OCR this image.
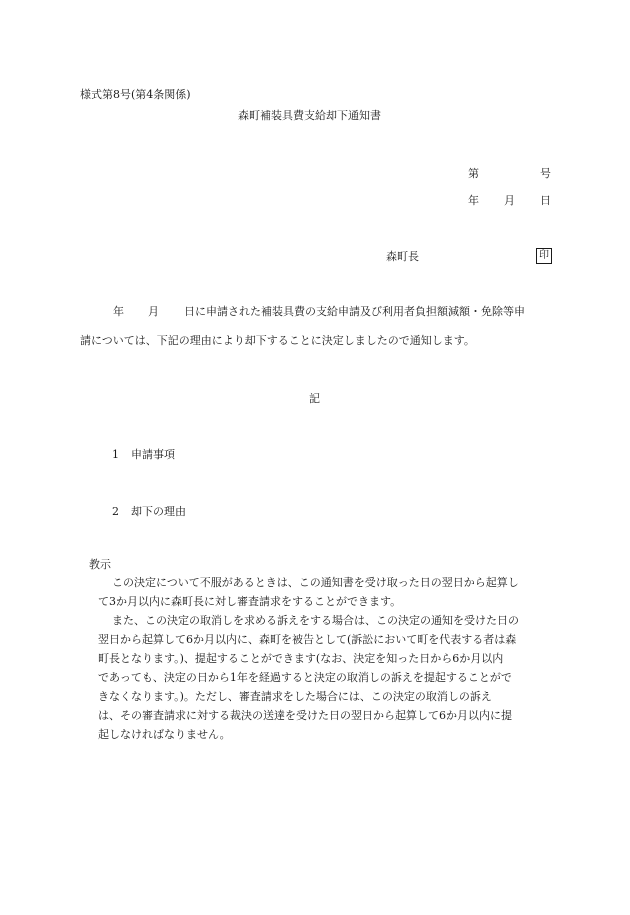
様式第8号(第4条関係)
森町補装具費支給却下通知書
第	号
年 月 日
森町長	印
年 月 日に申請された補装具費の支給申請及び利用者負担額減額・免除等申
請については、下記の理由により却下することに決定しましたので通知します。
記
1 申請事項
2 却下の理由
教示
この決定について不服があるときは、この通知書を受け取った日の翌日から起算し
て3か月以内に森町長に対し審査請求をすることができます。
また、この決定の取消しを求める訴えをする場合は、この決定の通知を受けた日の
翌日から起算して6か月以内に、森町を被告として(訴訟において町を代表する者は森
町長となります。)、提起することができます(なお、決定を知った日から6か月以内
であっても、決定の日から1年を経過すると決定の取消しの訴えを提起することがで
きなくなります。)。ただし、審査請求をした場合には、この決定の取消しの訴え
は、その審査請求に対する裁決の送達を受けた日の翌日から起算して6か月以内に提
起しなければなりません。
